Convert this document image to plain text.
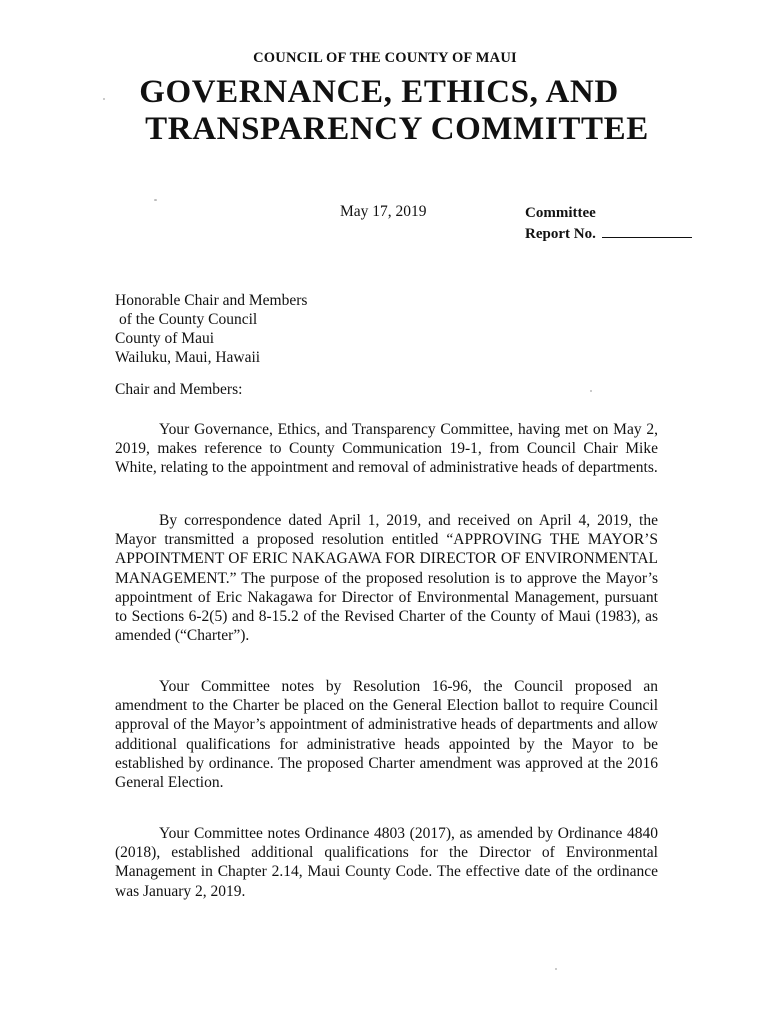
COUNCIL OF THE COUNTY OF MAUI
GOVERNANCE, ETHICS, AND
TRANSPARENCY COMMITTEE
May 17, 2019	Committee
Report No.
Honorable Chair and Members
of the County Council
County of Maui
Wailuku, Maui, Hawaii
Chair and Members:
Your Governance, Ethics, and Transparency Committee, having met on May 2, 2019, makes reference to County Communication 19-1, from Council Chair Mike White, relating to the appointment and removal of administrative heads of departments.
By correspondence dated April 1, 2019, and received on April 4, 2019, the Mayor transmitted a proposed resolution entitled “APPROVING THE MAYOR’S APPOINTMENT OF ERIC NAKAGAWA FOR DIRECTOR OF ENVIRONMENTAL MANAGEMENT.” The purpose of the proposed resolution is to approve the Mayor’s appointment of Eric Nakagawa for Director of Environmental Management, pursuant to Sections 6-2(5) and 8-15.2 of the Revised Charter of the County of Maui (1983), as amended (“Charter”).
Your Committee notes by Resolution 16-96, the Council proposed an amendment to the Charter be placed on the General Election ballot to require Council approval of the Mayor’s appointment of administrative heads of departments and allow additional qualifications for administrative heads appointed by the Mayor to be established by ordinance. The proposed Charter amendment was approved at the 2016 General Election.
Your Committee notes Ordinance 4803 (2017), as amended by Ordinance 4840 (2018), established additional qualifications for the Director of Environmental Management in Chapter 2.14, Maui County Code. The effective date of the ordinance was January 2, 2019.
